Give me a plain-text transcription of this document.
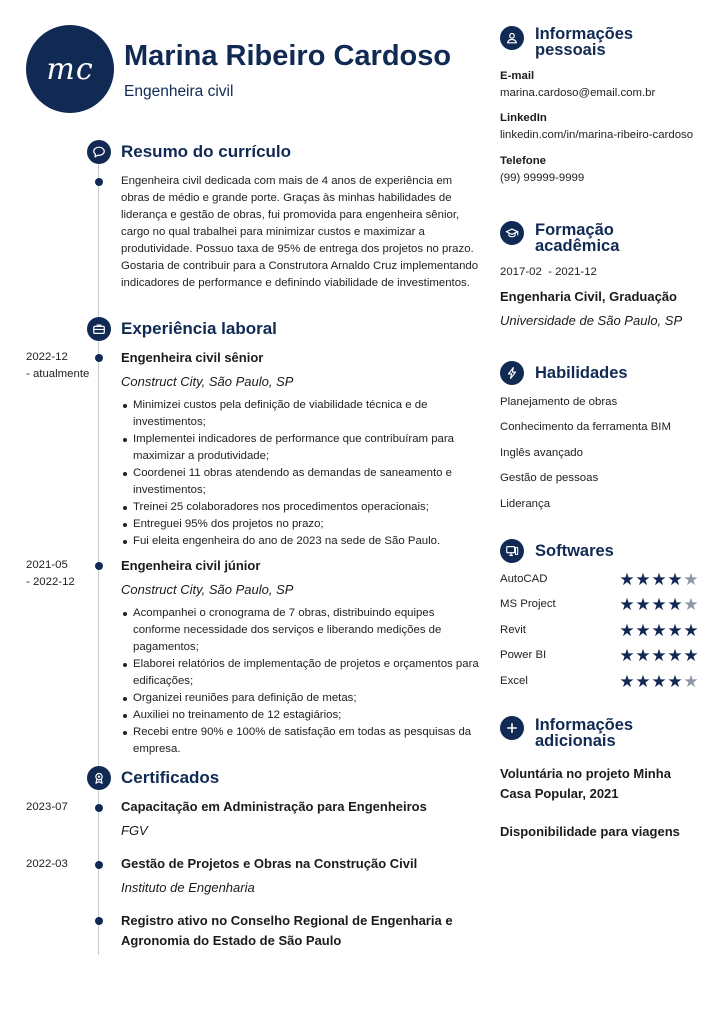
mc	Marina Ribeiro Cardoso
Engenheira civil
Resumo do currículo
Engenheira civil dedicada com mais de 4 anos de experiência em obras de médio e grande porte. Graças às minhas habilidades de liderança e gestão de obras, fui promovida para engenheira sênior, cargo no qual trabalhei para minimizar custos e maximizar a produtividade. Possuo taxa de 95% de entrega dos projetos no prazo. Gostaria de contribuir para a Construtora Arnaldo Cruz implementando indicadores de performance e definindo viabilidade de investimentos.
Experiência laboral
2022-12
- atualmente
Engenheira civil sênior
Construct City, São Paulo, SP
Minimizei custos pela definição de viabilidade técnica e de investimentos;
Implementei indicadores de performance que contribuíram para maximizar a produtividade;
Coordenei 11 obras atendendo as demandas de saneamento e investimentos;
Treinei 25 colaboradores nos procedimentos operacionais;
Entreguei 95% dos projetos no prazo;
Fui eleita engenheira do ano de 2023 na sede de São Paulo.
2021-05
- 2022-12
Engenheira civil júnior
Construct City, São Paulo, SP
Acompanhei o cronograma de 7 obras, distribuindo equipes conforme necessidade dos serviços e liberando medições de pagamentos;
Elaborei relatórios de implementação de projetos e orçamentos para edificações;
Organizei reuniões para definição de metas;
Auxiliei no treinamento de 12 estagiários;
Recebi entre 90% e 100% de satisfação em todas as pesquisas da empresa.
Certificados
2023-07	Capacitação em Administração para Engenheiros
FGV
2022-03	Gestão de Projetos e Obras na Construção Civil
Instituto de Engenharia
Registro ativo no Conselho Regional de Engenharia e Agronomia do Estado de São Paulo
Informações pessoais
E-mail
marina.cardoso@email.com.br
LinkedIn
linkedin.com/in/marina-ribeiro-cardoso
Telefone
(99) 99999-9999
Formação acadêmica
2017-02  - 2021-12
Engenharia Civil, Graduação
Universidade de São Paulo, SP
Habilidades
Planejamento de obras
Conhecimento da ferramenta BIM
Inglês avançado
Gestão de pessoas
Liderança
Softwares
AutoCAD	★ ★ ★ ★ ★
MS Project	★ ★ ★ ★ ★
Revit	★ ★ ★ ★ ★
Power BI	★ ★ ★ ★ ★
Excel	★ ★ ★ ★ ★
Informações adicionais
Voluntária no projeto Minha Casa Popular, 2021
Disponibilidade para viagens
